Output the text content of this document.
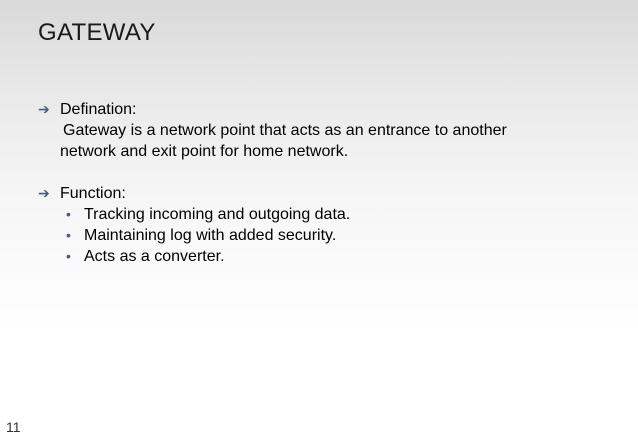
GATEWAY
➔ Defination:
Gateway is a network point that acts as an entrance to another
network and exit point for home network.
➔ Function:
• Tracking incoming and outgoing data.
• Maintaining log with added security.
• Acts as a converter.
11
